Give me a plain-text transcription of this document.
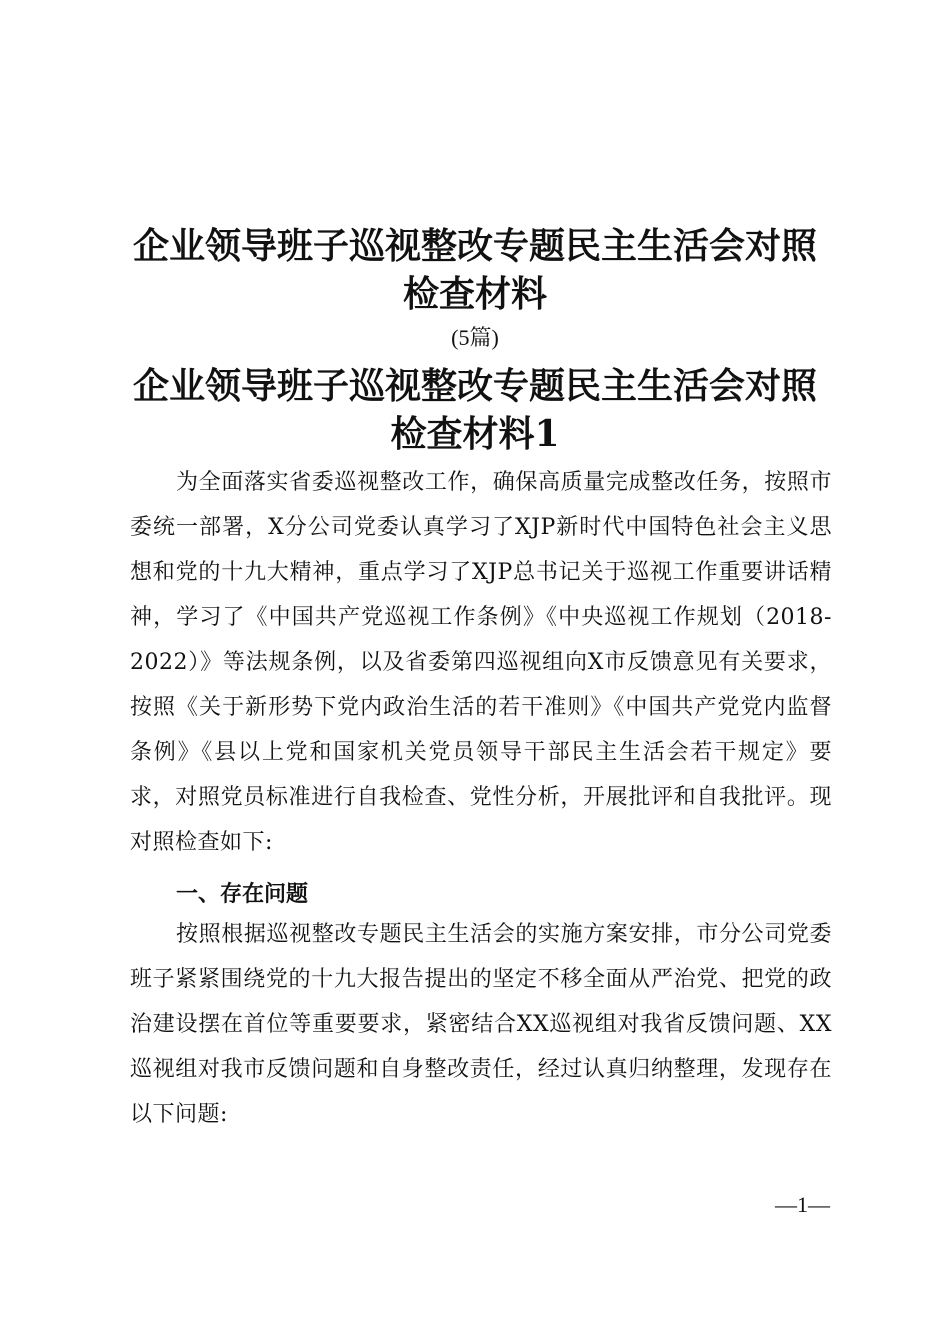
企业领导班子巡视整改专题民主生活会对照检查材料

(5篇)

企业领导班子巡视整改专题民主生活会对照检查材料1

为全面落实省委巡视整改工作，确保高质量完成整改任务，按照市委统一部署，X分公司党委认真学习了XJP新时代中国特色社会主义思想和党的十九大精神，重点学习了XJP总书记关于巡视工作重要讲话精神，学习了《中国共产党巡视工作条例》《中央巡视工作规划（2018-2022）》等法规条例，以及省委第四巡视组向X市反馈意见有关要求，按照《关于新形势下党内政治生活的若干准则》《中国共产党党内监督条例》《县以上党和国家机关党员领导干部民主生活会若干规定》要求，对照党员标准进行自我检查、党性分析，开展批评和自我批评。现对照检查如下:

一、存在问题

按照根据巡视整改专题民主生活会的实施方案安排，市分公司党委班子紧紧围绕党的十九大报告提出的坚定不移全面从严治党、把党的政治建设摆在首位等重要要求，紧密结合XX巡视组对我省反馈问题、XX巡视组对我市反馈问题和自身整改责任，经过认真归纳整理，发现存在以下问题:

—1—
